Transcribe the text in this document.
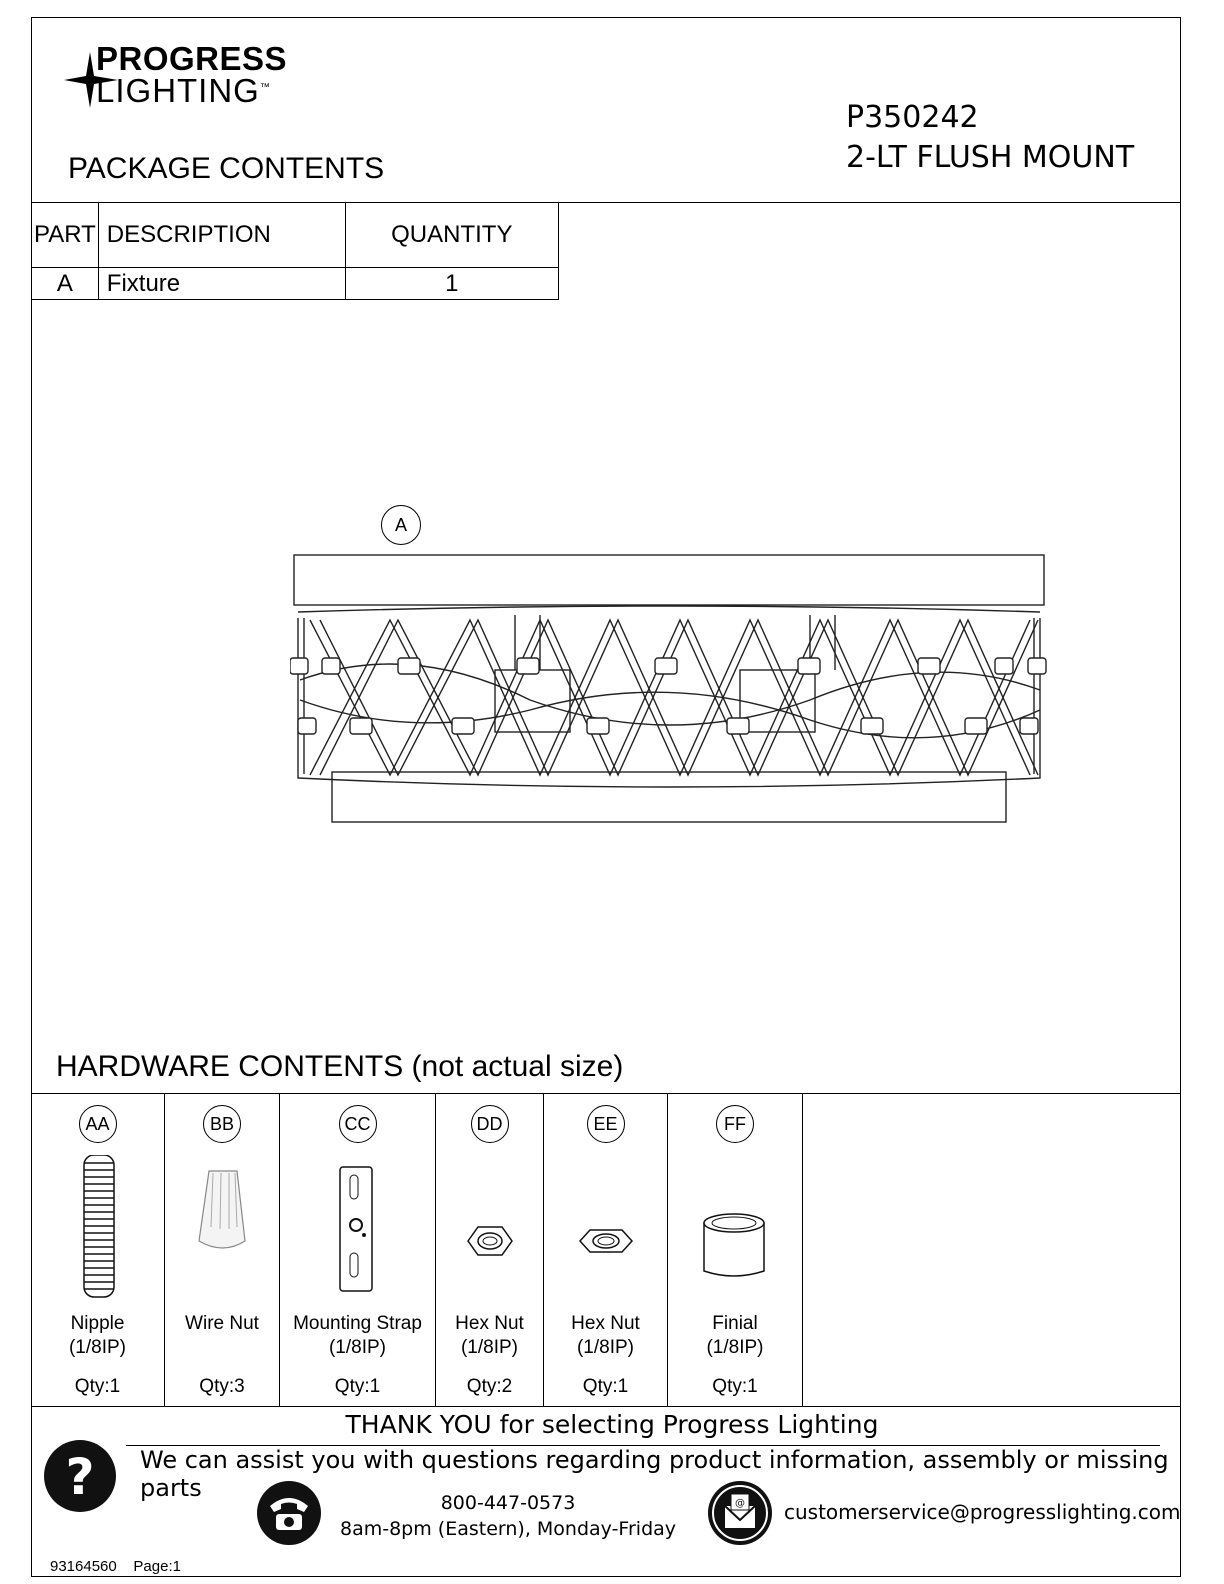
PROGRESS
LIGHTING™
PACKAGE CONTENTS
P350242
2-LT FLUSH MOUNT
PART	DESCRIPTION	QUANTITY
A	Fixture	1
A
HARDWARE CONTENTS (not actual size)
AA
Nipple
(1/8IP)
Qty:1
BB
Wire Nut
Qty:3
CC
Mounting Strap
(1/8IP)
Qty:1
DD
Hex Nut
(1/8IP)
Qty:2
EE
Hex Nut
(1/8IP)
Qty:1
FF
Finial
(1/8IP)
Qty:1
THANK YOU for selecting Progress Lighting
? We can assist you with questions regarding product information, assembly or missing parts
800-447-0573
8am-8pm (Eastern), Monday-Friday
@ customerservice@progresslighting.com
93164560 Page:1
